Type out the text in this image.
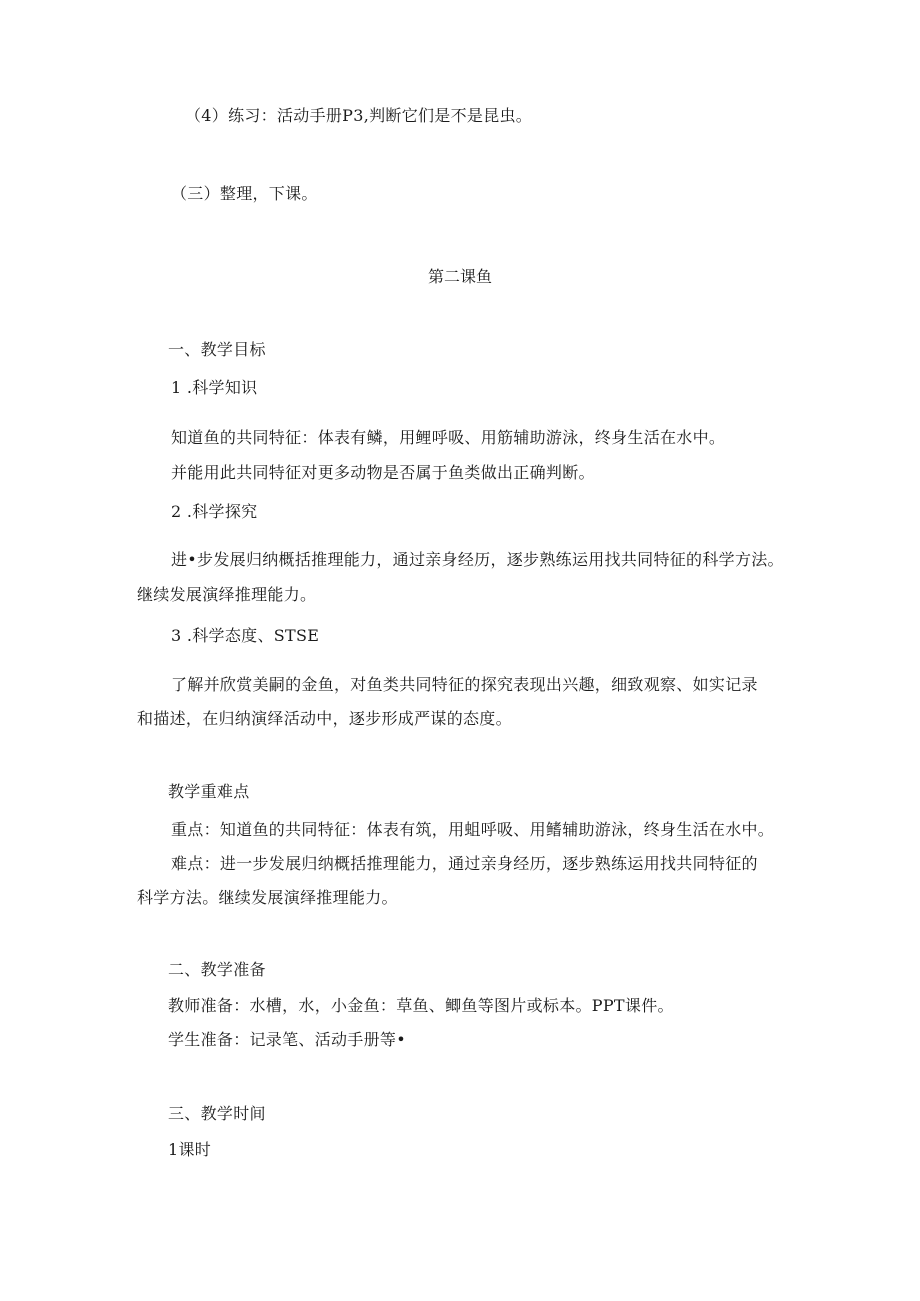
（4）练习：活动手册P3,判断它们是不是昆虫。
（三）整理，下课。
第二课鱼
一、教学目标
1 .科学知识
知道鱼的共同特征：体表有鳞，用鲤呼吸、用筋辅助游泳，终身生活在水中。
并能用此共同特征对更多动物是否属于鱼类做出正确判断。
2 .科学探究
进•步发展归纳概括推理能力，通过亲身经历，逐步熟练运用找共同特征的科学方法。
继续发展演绎推理能力。
3 .科学态度、STSE
了解并欣赏美嗣的金鱼，对鱼类共同特征的探究表现出兴趣，细致观察、如实记录
和描述，在归纳演绎活动中，逐步形成严谋的态度。
教学重难点
重点：知道鱼的共同特征：体表有筑，用蛆呼吸、用鳍辅助游泳，终身生活在水中。
难点：进一步发展归纳概括推理能力，通过亲身经历，逐步熟练运用找共同特征的
科学方法。继续发展演绎推理能力。
二、教学准备
教师准备：水槽，水，小金鱼：草鱼、鲫鱼等图片或标本。PPT课件。
学生准备：记录笔、活动手册等•
三、教学时间
1课时
